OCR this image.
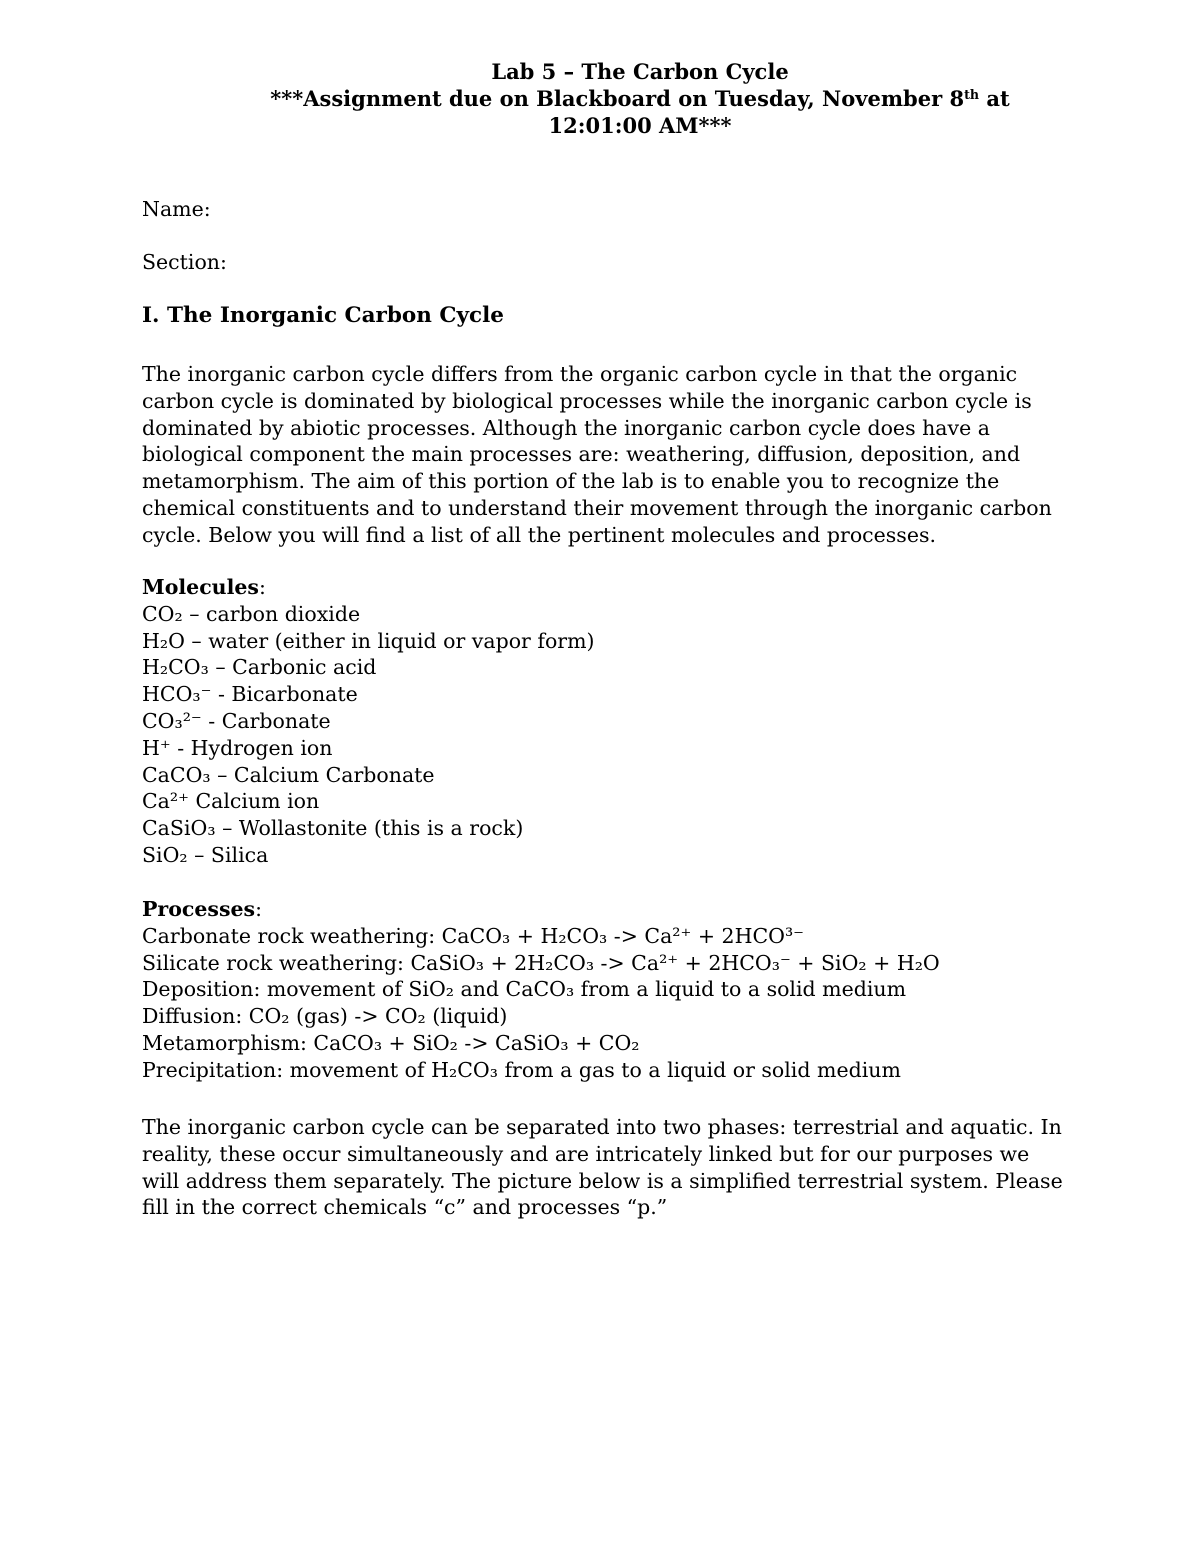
Lab 5 – The Carbon Cycle
***Assignment due on Blackboard on Tuesday, November 8th at
12:01:00 AM***
Name:
Section:
I. The Inorganic Carbon Cycle
The inorganic carbon cycle differs from the organic carbon cycle in that the organic
carbon cycle is dominated by biological processes while the inorganic carbon cycle is
dominated by abiotic processes. Although the inorganic carbon cycle does have a
biological component the main processes are: weathering, diffusion, deposition, and
metamorphism. The aim of this portion of the lab is to enable you to recognize the
chemical constituents and to understand their movement through the inorganic carbon
cycle. Below you will find a list of all the pertinent molecules and processes.
Molecules:
CO₂ – carbon dioxide
H₂O – water (either in liquid or vapor form)
H₂CO₃ – Carbonic acid
HCO₃⁻ - Bicarbonate
CO₃²⁻ - Carbonate
H⁺ - Hydrogen ion
CaCO₃ – Calcium Carbonate
Ca²⁺ Calcium ion
CaSiO₃ – Wollastonite (this is a rock)
SiO₂ – Silica
Processes:
Carbonate rock weathering: CaCO₃ + H₂CO₃ -> Ca²⁺ + 2HCO³⁻
Silicate rock weathering: CaSiO₃ + 2H₂CO₃ -> Ca²⁺ + 2HCO₃⁻ + SiO₂ + H₂O
Deposition: movement of SiO₂ and CaCO₃ from a liquid to a solid medium
Diffusion: CO₂ (gas) -> CO₂ (liquid)
Metamorphism: CaCO₃ + SiO₂ -> CaSiO₃ + CO₂
Precipitation: movement of H₂CO₃ from a gas to a liquid or solid medium
The inorganic carbon cycle can be separated into two phases: terrestrial and aquatic. In
reality, these occur simultaneously and are intricately linked but for our purposes we
will address them separately. The picture below is a simplified terrestrial system. Please
fill in the correct chemicals “c” and processes “p.”
